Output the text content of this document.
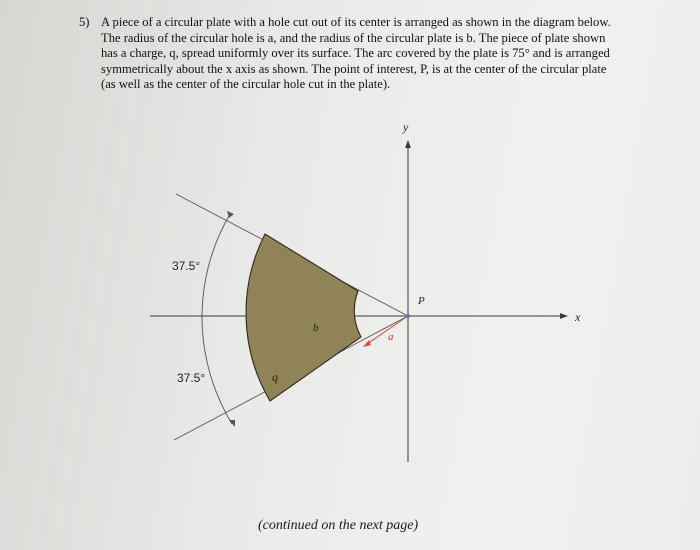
5) A piece of a circular plate with a hole cut out of its center is arranged as shown in the diagram below. The radius of the circular hole is a, and the radius of the circular plate is b. The piece of plate shown has a charge, q, spread uniformly over its surface. The arc covered by the plate is 75° and is arranged symmetrically about the x axis as shown. The point of interest, P, is at the center of the circular plate (as well as the center of the circular hole cut in the plate).
y
x
P
a
b
q
37.5°
37.5°
(continued on the next page)
